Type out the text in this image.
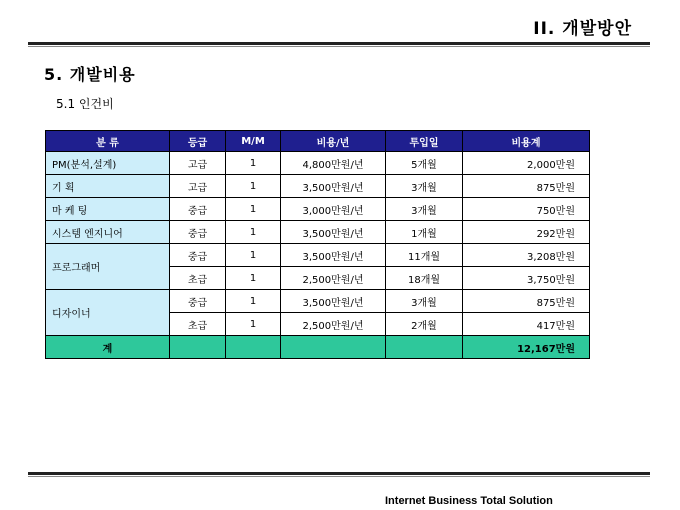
II. 개발방안
5. 개발비용
5.1 인건비
분 류	등급	M/M	비용/년	투입일	비용계
PM(분석,설계)	고급	1	4,800만원/년	5개월	2,000만원
기 획	고급	1	3,500만원/년	3개월	875만원
마 케 팅	중급	1	3,000만원/년	3개월	750만원
시스템 엔지니어	중급	1	3,500만원/년	1개월	292만원
프로그래머	중급	1	3,500만원/년	11개월	3,208만원
	초급	1	2,500만원/년	18개월	3,750만원
디자이너	중급	1	3,500만원/년	3개월	875만원
	초급	1	2,500만원/년	2개월	417만원
계					12,167만원
Internet Business Total Solution
